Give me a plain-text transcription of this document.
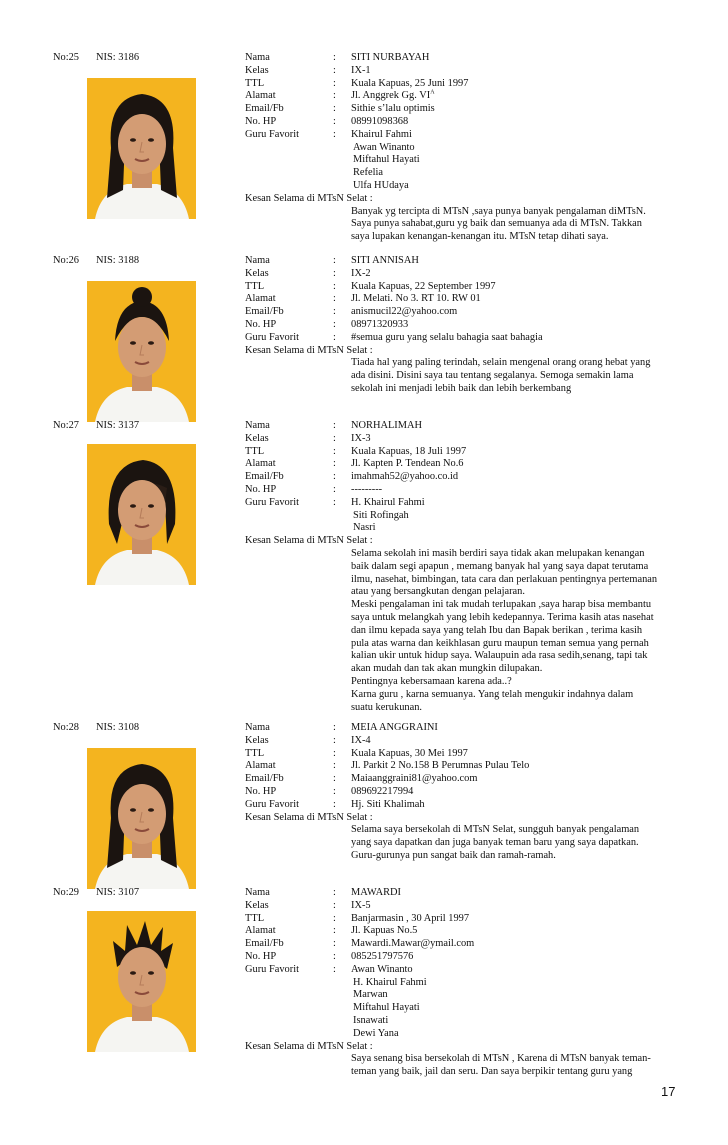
No:25 NIS: 3186	Nama	: SITI NURBAYAH
Kelas	: IX-1
TTL	: Kuala Kapuas, 25 Juni 1997
Alamat	: Jl. Anggrek Gg. $VI^A$
Email/Fb	: Sithie s’lalu optimis
No. HP	: 08991098368
Guru Favorit	: Khairul Fahmi
Awan Winanto
Miftahul Hayati
Refelia
Ulfa HUdaya
Kesan Selama di MTsN Selat :
Banyak yg tercipta di MTsN ,saya punya banyak pengalaman diMTsN.
Saya punya sahabat,guru yg baik dan semuanya ada di MTsN. Takkan
saya lupakan kenangan-kenangan itu. MTsN tetap dihati saya.
No:26 NIS: 3188	Nama	: SITI ANNISAH
Kelas	: IX-2
TTL	: Kuala Kapuas, 22 September 1997
Alamat	: Jl. Melati. No 3. RT 10. RW 01
Email/Fb	: anismucil22@yahoo.com
No. HP	: 08971320933
Guru Favorit	: #semua guru yang selalu bahagia saat bahagia
Kesan Selama di MTsN Selat :
Tiada hal yang paling terindah, selain mengenal orang orang hebat yang
ada disini. Disini saya tau tentang segalanya. Semoga semakin lama
sekolah ini menjadi lebih baik dan lebih berkembang
No:27 NIS: 3137	Nama	: NORHALIMAH
Kelas	: IX-3
TTL	: Kuala Kapuas, 18 Juli 1997
Alamat	: Jl. Kapten P. Tendean No.6
Email/Fb	: imahmah52@yahoo.co.id
No. HP	: ---------
Guru Favorit	: H. Khairul Fahmi
Siti Rofingah
Nasri
Kesan Selama di MTsN Selat :
Selama sekolah ini masih berdiri saya tidak akan melupakan kenangan
baik dalam segi apapun , memang banyak hal yang saya dapat terutama
ilmu, nasehat, bimbingan, tata cara dan perlakuan pentingnya pertemanan
atau yang bersangkutan dengan pelajaran.
Meski pengalaman ini tak mudah terlupakan ,saya harap bisa membantu
saya untuk melangkah yang lebih kedepannya. Terima kasih atas nasehat
dan ilmu kepada saya yang telah Ibu dan Bapak berikan , terima kasih
pula atas warna dan keikhlasan guru maupun teman semua yang pernah
kalian ukir untuk hidup saya. Walaupuin ada rasa sedih,senang, tapi tak
akan mudah dan tak akan mungkin dilupakan.
Pentingnya kebersamaan karena ada..?
Karna guru , karna semuanya. Yang telah mengukir indahnya dalam
suatu kerukunan.
No:28 NIS: 3108	Nama	: MEIA ANGGRAINI
Kelas	: IX-4
TTL	: Kuala Kapuas, 30 Mei 1997
Alamat	: Jl. Parkit 2 No.158 B Perumnas Pulau Telo
Email/Fb	: Maiaanggraini81@yahoo.com
No. HP	: 089692217994
Guru Favorit	: Hj. Siti Khalimah
Kesan Selama di MTsN Selat :
Selama saya bersekolah di MTsN Selat, sungguh banyak pengalaman
yang saya dapatkan dan juga banyak teman baru yang saya dapatkan.
Guru-gurunya pun sangat baik dan ramah-ramah.
No:29 NIS: 3107	Nama	: MAWARDI
Kelas	: IX-5
TTL	: Banjarmasin , 30 April 1997
Alamat	: Jl. Kapuas No.5
Email/Fb	: Mawardi.Mawar@ymail.com
No. HP	: 085251797576
Guru Favorit	: Awan Winanto
H. Khairul Fahmi
Marwan
Miftahul Hayati
Isnawati
Dewi Yana
Kesan Selama di MTsN Selat :
Saya senang bisa bersekolah di MTsN , Karena di MTsN banyak teman-
teman yang baik, jail dan seru. Dan saya berpikir tentang guru yang
17
